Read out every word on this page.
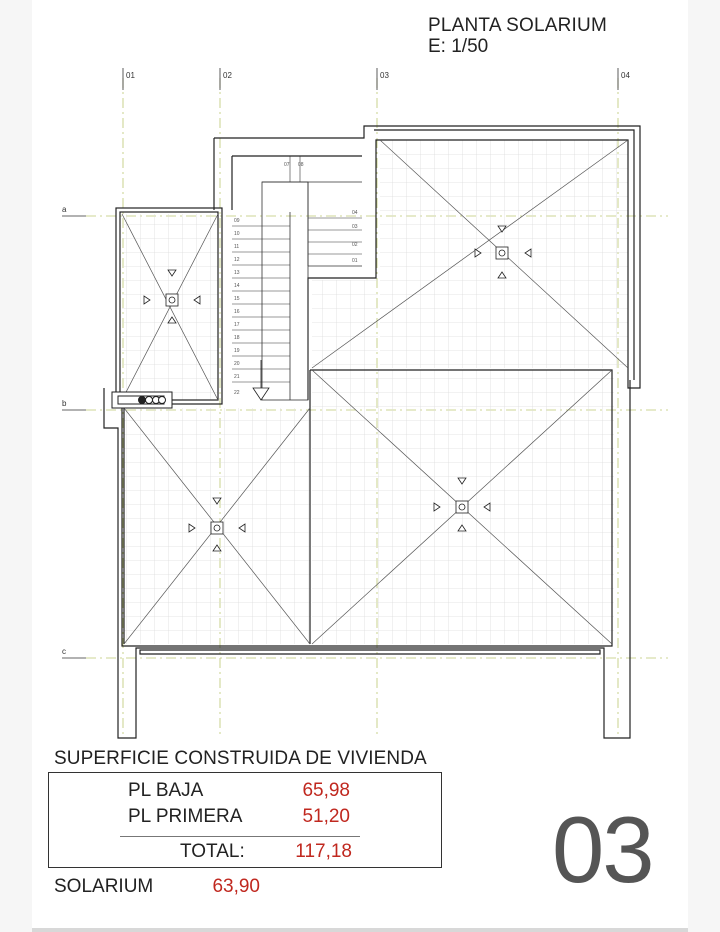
01	02	03	04
a
b
c
09
10
11
12
13
14
15
16
17
18
19
20
21
22
04
03
02
01
07 08
PLANTA SOLARIUM
E: 1/50
SUPERFICIE CONSTRUIDA DE VIVIENDA
PL BAJA	65,98
PL PRIMERA	51,20
TOTAL:	117,18
SOLARIUM	63,90	03
